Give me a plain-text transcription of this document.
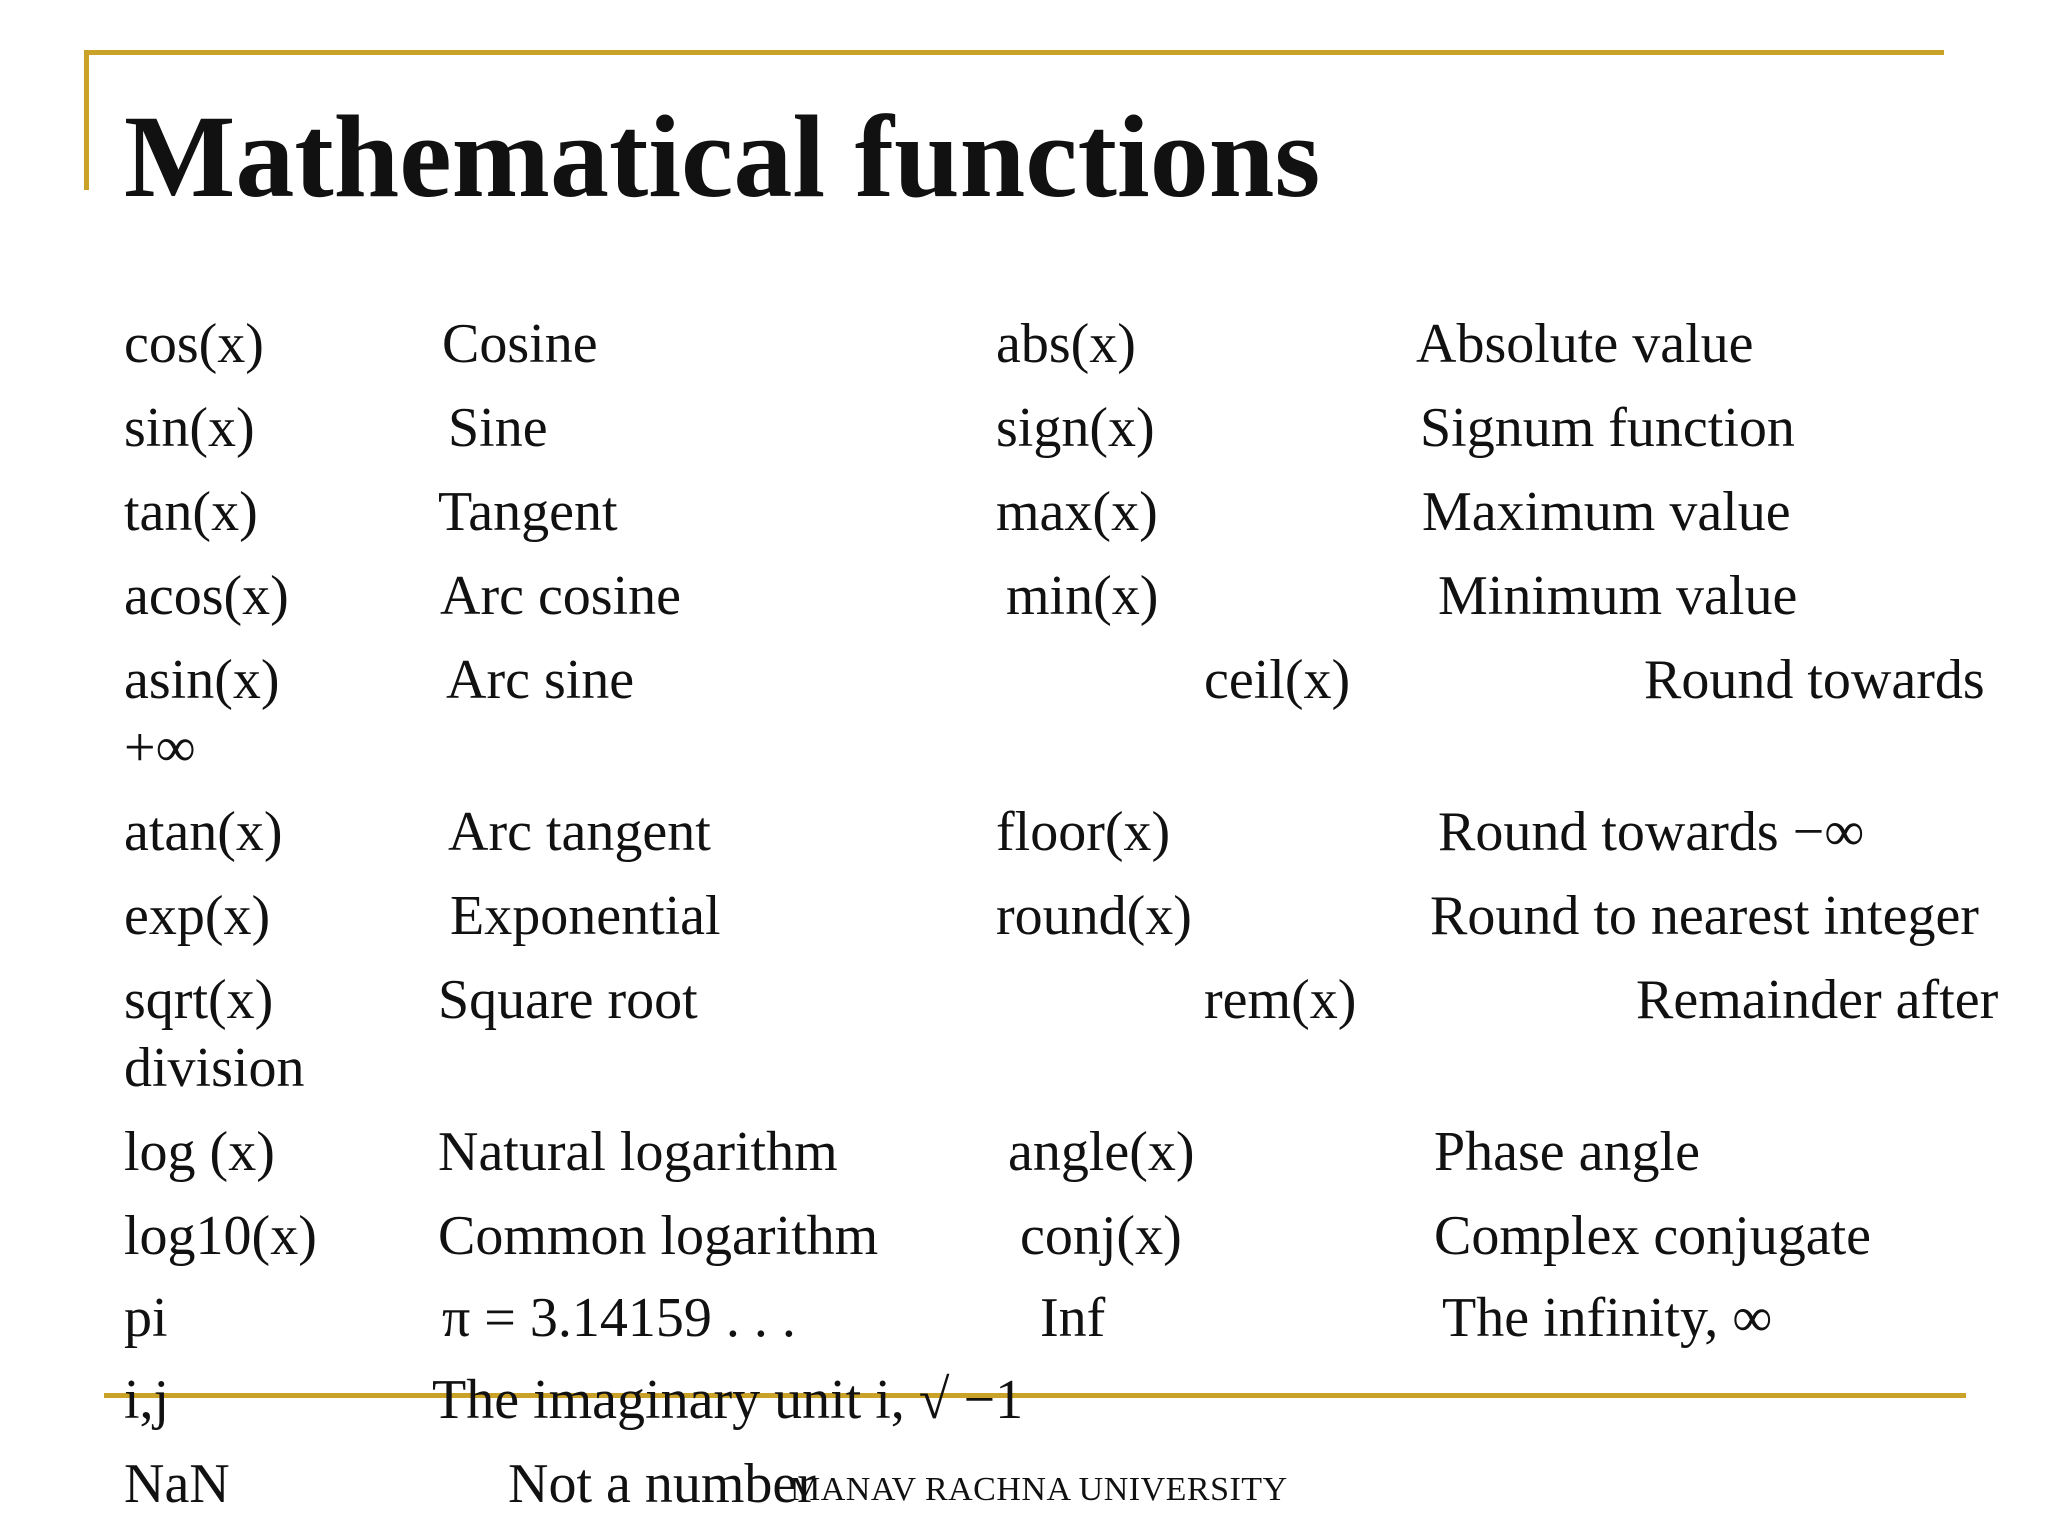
Mathematical functions
cos(x)	Cosine	abs(x)	Absolute value
sin(x)	Sine	sign(x)	Signum function
tan(x)	Tangent	max(x)	Maximum value
acos(x)	Arc cosine	min(x)	Minimum value
asin(x)	Arc sine	ceil(x)	Round towards
+∞
atan(x)	Arc tangent	floor(x)	Round towards −∞
exp(x)	Exponential	round(x)	Round to nearest integer
sqrt(x)	Square root	rem(x)	Remainder after
division
log (x)	Natural logarithm	angle(x)	Phase angle
log10(x) Common logarithm	conj(x)	Complex conjugate
pi	π = 3.14159 . . .	Inf	The infinity, ∞
i,j	The imaginary unit i, √ −1
NaN	Not a number
MANAV RACHNA UNIVERSITY
